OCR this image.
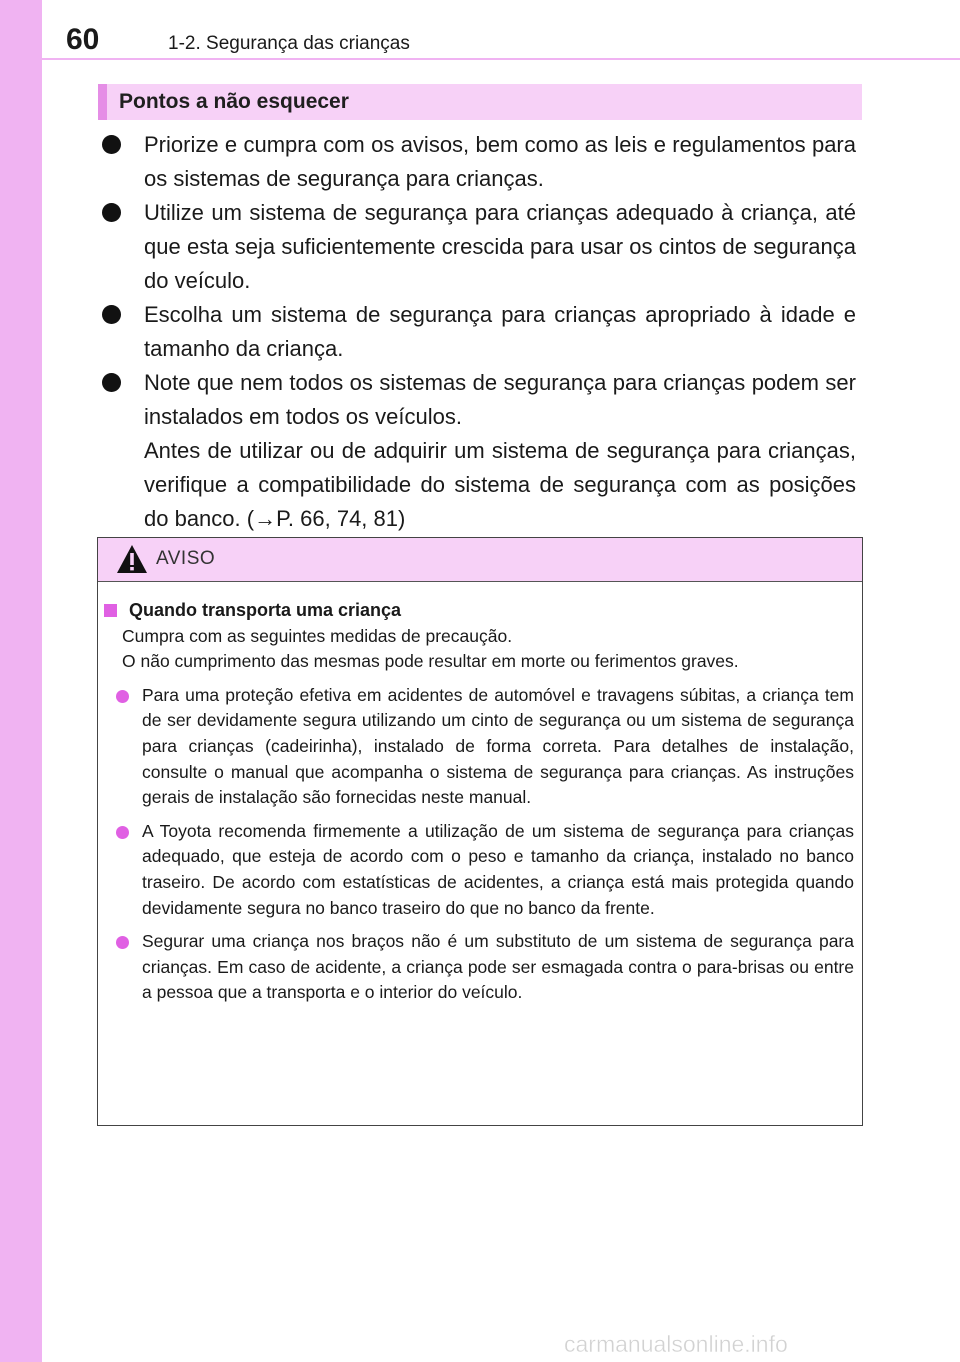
60	1-2. Segurança das crianças
Pontos a não esquecer
Priorize e cumpra com os avisos, bem como as leis e regulamentos para os sistemas de segurança para crianças.
Utilize um sistema de segurança para crianças adequado à criança, até que esta seja suficientemente crescida para usar os cintos de segurança do veículo.
Escolha um sistema de segurança para crianças apropriado à idade e tamanho da criança.
Note que nem todos os sistemas de segurança para crianças podem ser instalados em todos os veículos.
Antes de utilizar ou de adquirir um sistema de segurança para crianças, verifique a compatibilidade do sistema de segurança com as posições do banco. (→P. 66, 74, 81)
AVISO
Quando transporta uma criança
Cumpra com as seguintes medidas de precaução.
O não cumprimento das mesmas pode resultar em morte ou ferimentos graves.
Para uma proteção efetiva em acidentes de automóvel e travagens súbitas, a criança tem de ser devidamente segura utilizando um cinto de segurança ou um sistema de segurança para crianças (cadeirinha), instalado de forma correta. Para detalhes de instalação, consulte o manual que acompanha o sistema de segurança para crianças. As instruções gerais de instalação são fornecidas neste manual.
A Toyota recomenda firmemente a utilização de um sistema de segurança para crianças adequado, que esteja de acordo com o peso e tamanho da criança, instalado no banco traseiro. De acordo com estatísticas de acidentes, a criança está mais protegida quando devidamente segura no banco traseiro do que no banco da frente.
Segurar uma criança nos braços não é um substituto de um sistema de segurança para crianças. Em caso de acidente, a criança pode ser esmagada contra o para-brisas ou entre a pessoa que a transporta e o interior do veículo.
carmanualsonline.info
